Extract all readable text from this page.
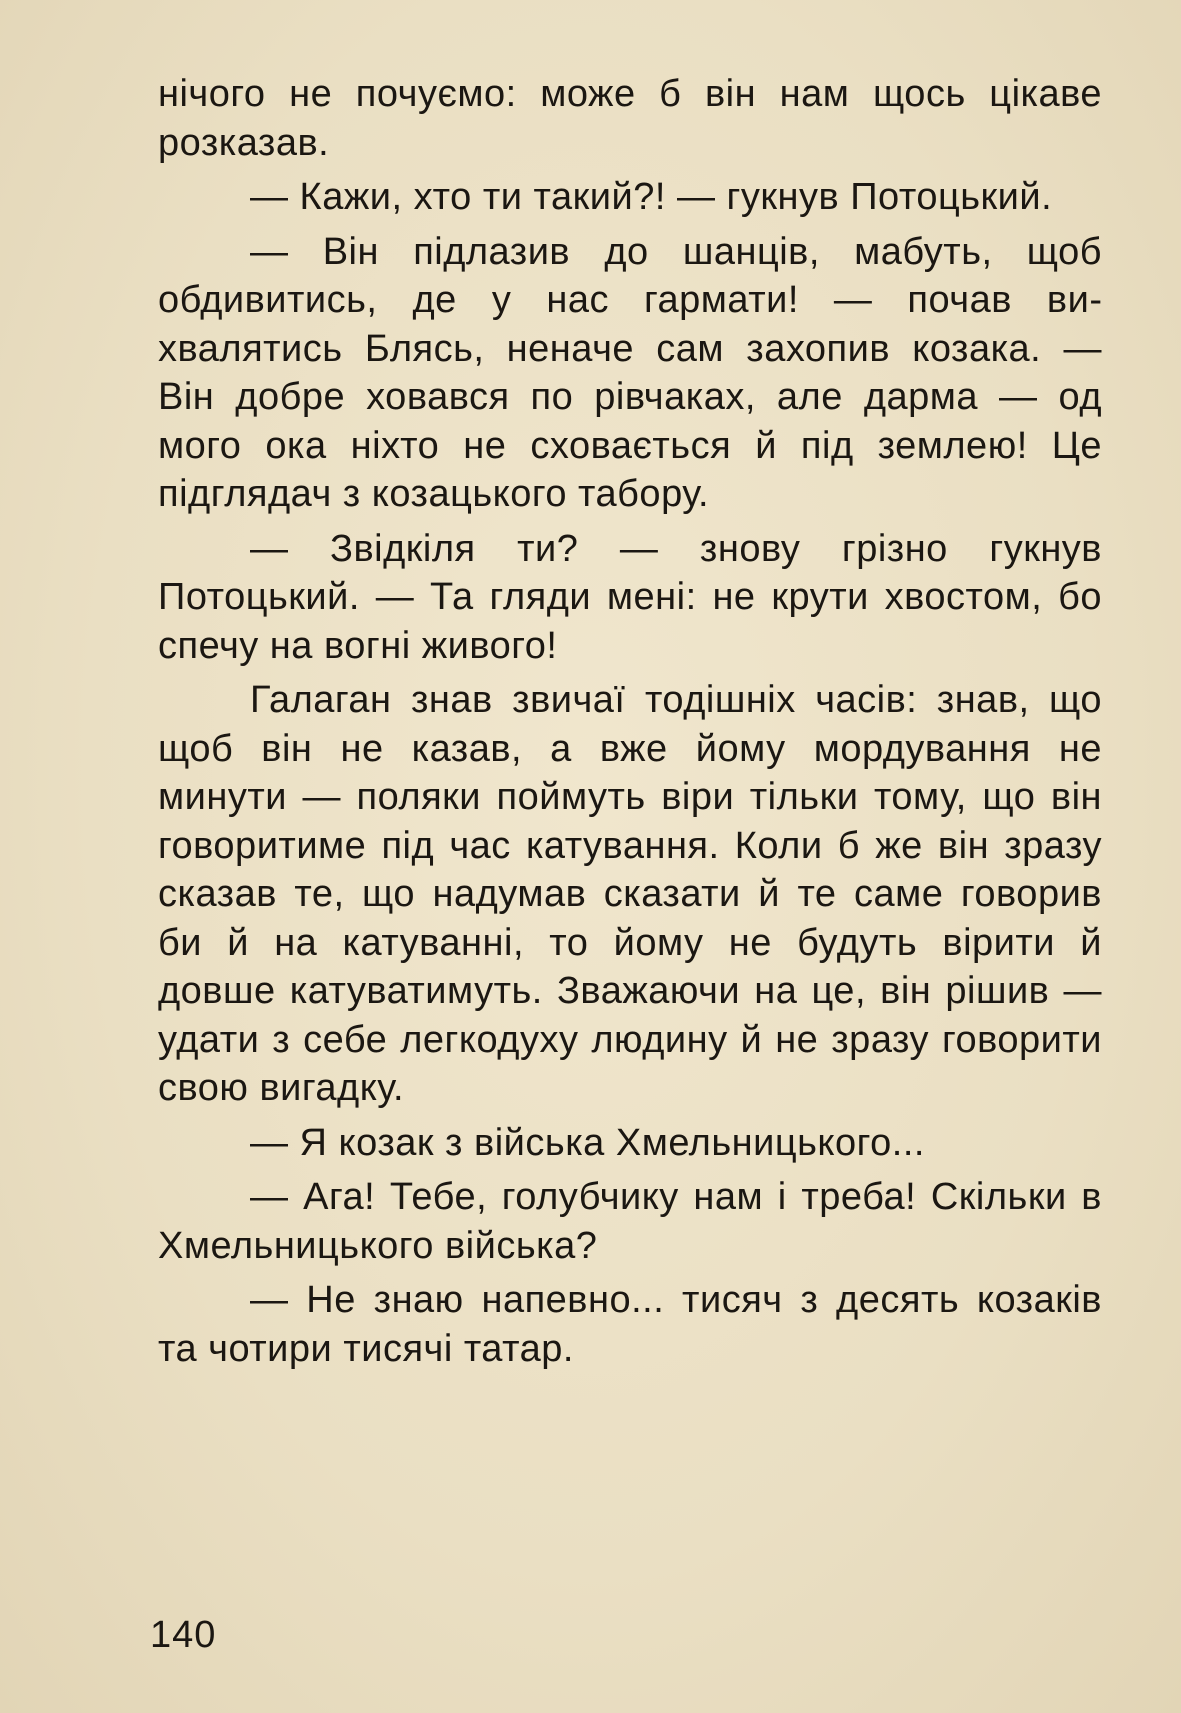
нічого не почуємо: може б він нам щось цікаве розказав.

— Кажи, хто ти такий?! — гукнув Потоцький.

— Він підлазив до шанців, мабуть, щоб обдивитись, де у нас гармати! — почав вихвалятись Блясь, неначе сам захопив козака. — Він добре ховався по рівчаках, але дарма — од мого ока ніхто не сховається й під землею! Це підглядач з козацького табору.

— Звідкіля ти? — знову грізно гукнув Потоцький. — Та гляди мені: не крути хвостом, бо спечу на вогні живого!

Галаган знав звичаї тодішніх часів: знав, що щоб він не казав, а вже йому мордування не минути — поляки поймуть віри тільки тому, що він говоритиме під час катування. Коли б же він зразу сказав те, що надумав сказати й те саме говорив би й на катуванні, то йому не будуть вірити й довше катуватимуть. Зважаючи на це, він рішив — удати з себе легкодуху людину й не зразу говорити свою вигадку.

— Я козак з війська Хмельницького...

— Ага! Тебе, голубчику нам і треба! Скільки в Хмельницького війська?

— Не знаю напевно... тисяч з десять козаків та чотири тисячі татар.

140
